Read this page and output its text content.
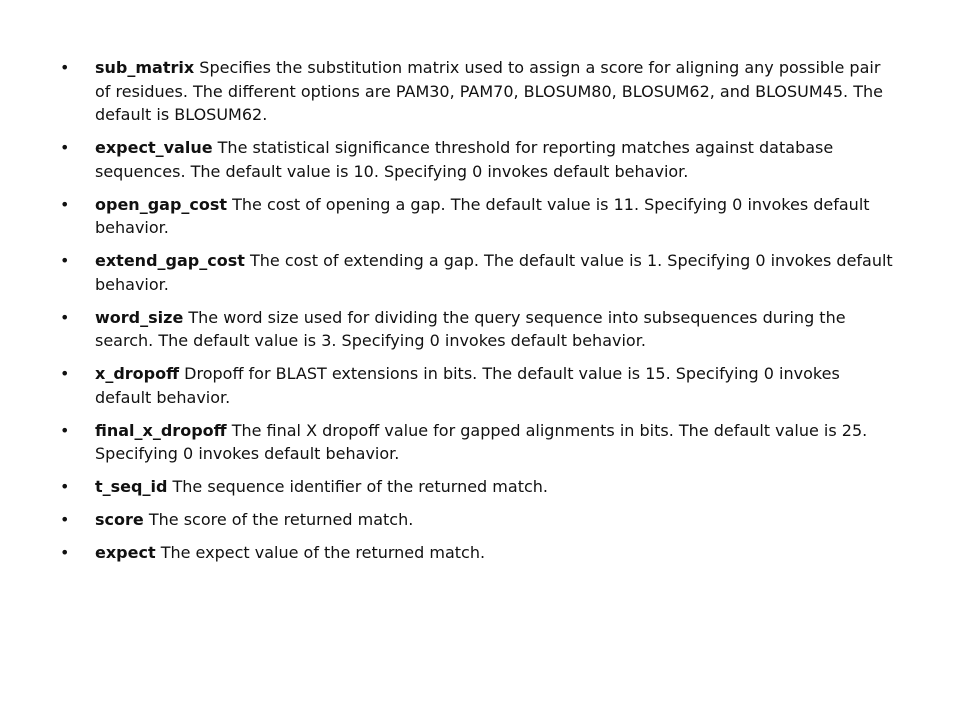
• sub_matrix Specifies the substitution matrix used to assign a score for aligning any possible pair of residues. The different options are PAM30, PAM70, BLOSUM80, BLOSUM62, and BLOSUM45. The default is BLOSUM62.
• expect_value The statistical significance threshold for reporting matches against database sequences. The default value is 10. Specifying 0 invokes default behavior.
• open_gap_cost The cost of opening a gap. The default value is 11. Specifying 0 invokes default behavior.
• extend_gap_cost The cost of extending a gap. The default value is 1. Specifying 0 invokes default behavior.
• word_size The word size used for dividing the query sequence into subsequences during the search. The default value is 3. Specifying 0 invokes default behavior.
• x_dropoff Dropoff for BLAST extensions in bits. The default value is 15. Specifying 0 invokes default behavior.
• final_x_dropoff The final X dropoff value for gapped alignments in bits. The default value is 25. Specifying 0 invokes default behavior.
• t_seq_id The sequence identifier of the returned match.
• score The score of the returned match.
• expect The expect value of the returned match.
